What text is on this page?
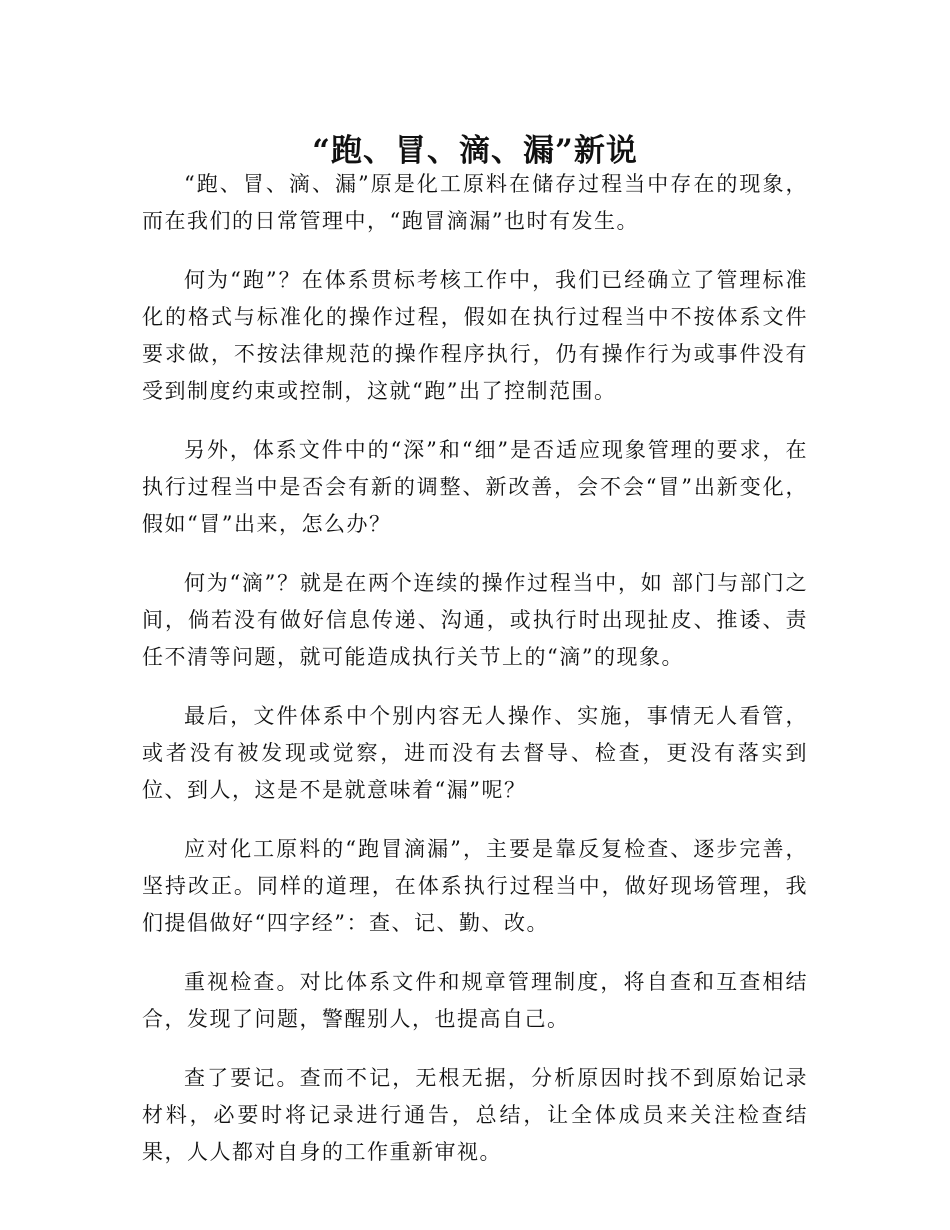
“跑、冒、滴、漏”新说

“跑、冒、滴、漏”原是化工原料在储存过程当中存在的现象，而在我们的日常管理中，“跑冒滴漏”也时有发生。

何为“跑”？在体系贯标考核工作中，我们已经确立了管理标准化的格式与标准化的操作过程，假如在执行过程当中不按体系文件要求做，不按法律规范的操作程序执行，仍有操作行为或事件没有受到制度约束或控制，这就“跑”出了控制范围。

另外，体系文件中的“深”和“细”是否适应现象管理的要求，在执行过程当中是否会有新的调整、新改善，会不会“冒”出新变化，假如“冒”出来，怎么办？

何为“滴”？就是在两个连续的操作过程当中，如 部门与部门之间，倘若没有做好信息传递、沟通，或执行时出现扯皮、推诿、责任不清等问题，就可能造成执行关节上的“滴”的现象。

最后，文件体系中个别内容无人操作、实施，事情无人看管，或者没有被发现或觉察，进而没有去督导、检查，更没有落实到位、到人，这是不是就意味着“漏”呢？

应对化工原料的“跑冒滴漏”，主要是靠反复检查、逐步完善，坚持改正。同样的道理，在体系执行过程当中，做好现场管理，我们提倡做好“四字经”：查、记、勤、改。

重视检查。对比体系文件和规章管理制度，将自查和互查相结合，发现了问题，警醒别人，也提高自己。

查了要记。查而不记，无根无据，分析原因时找不到原始记录材料，必要时将记录进行通告，总结，让全体成员来关注检查结果，人人都对自身的工作重新审视。
